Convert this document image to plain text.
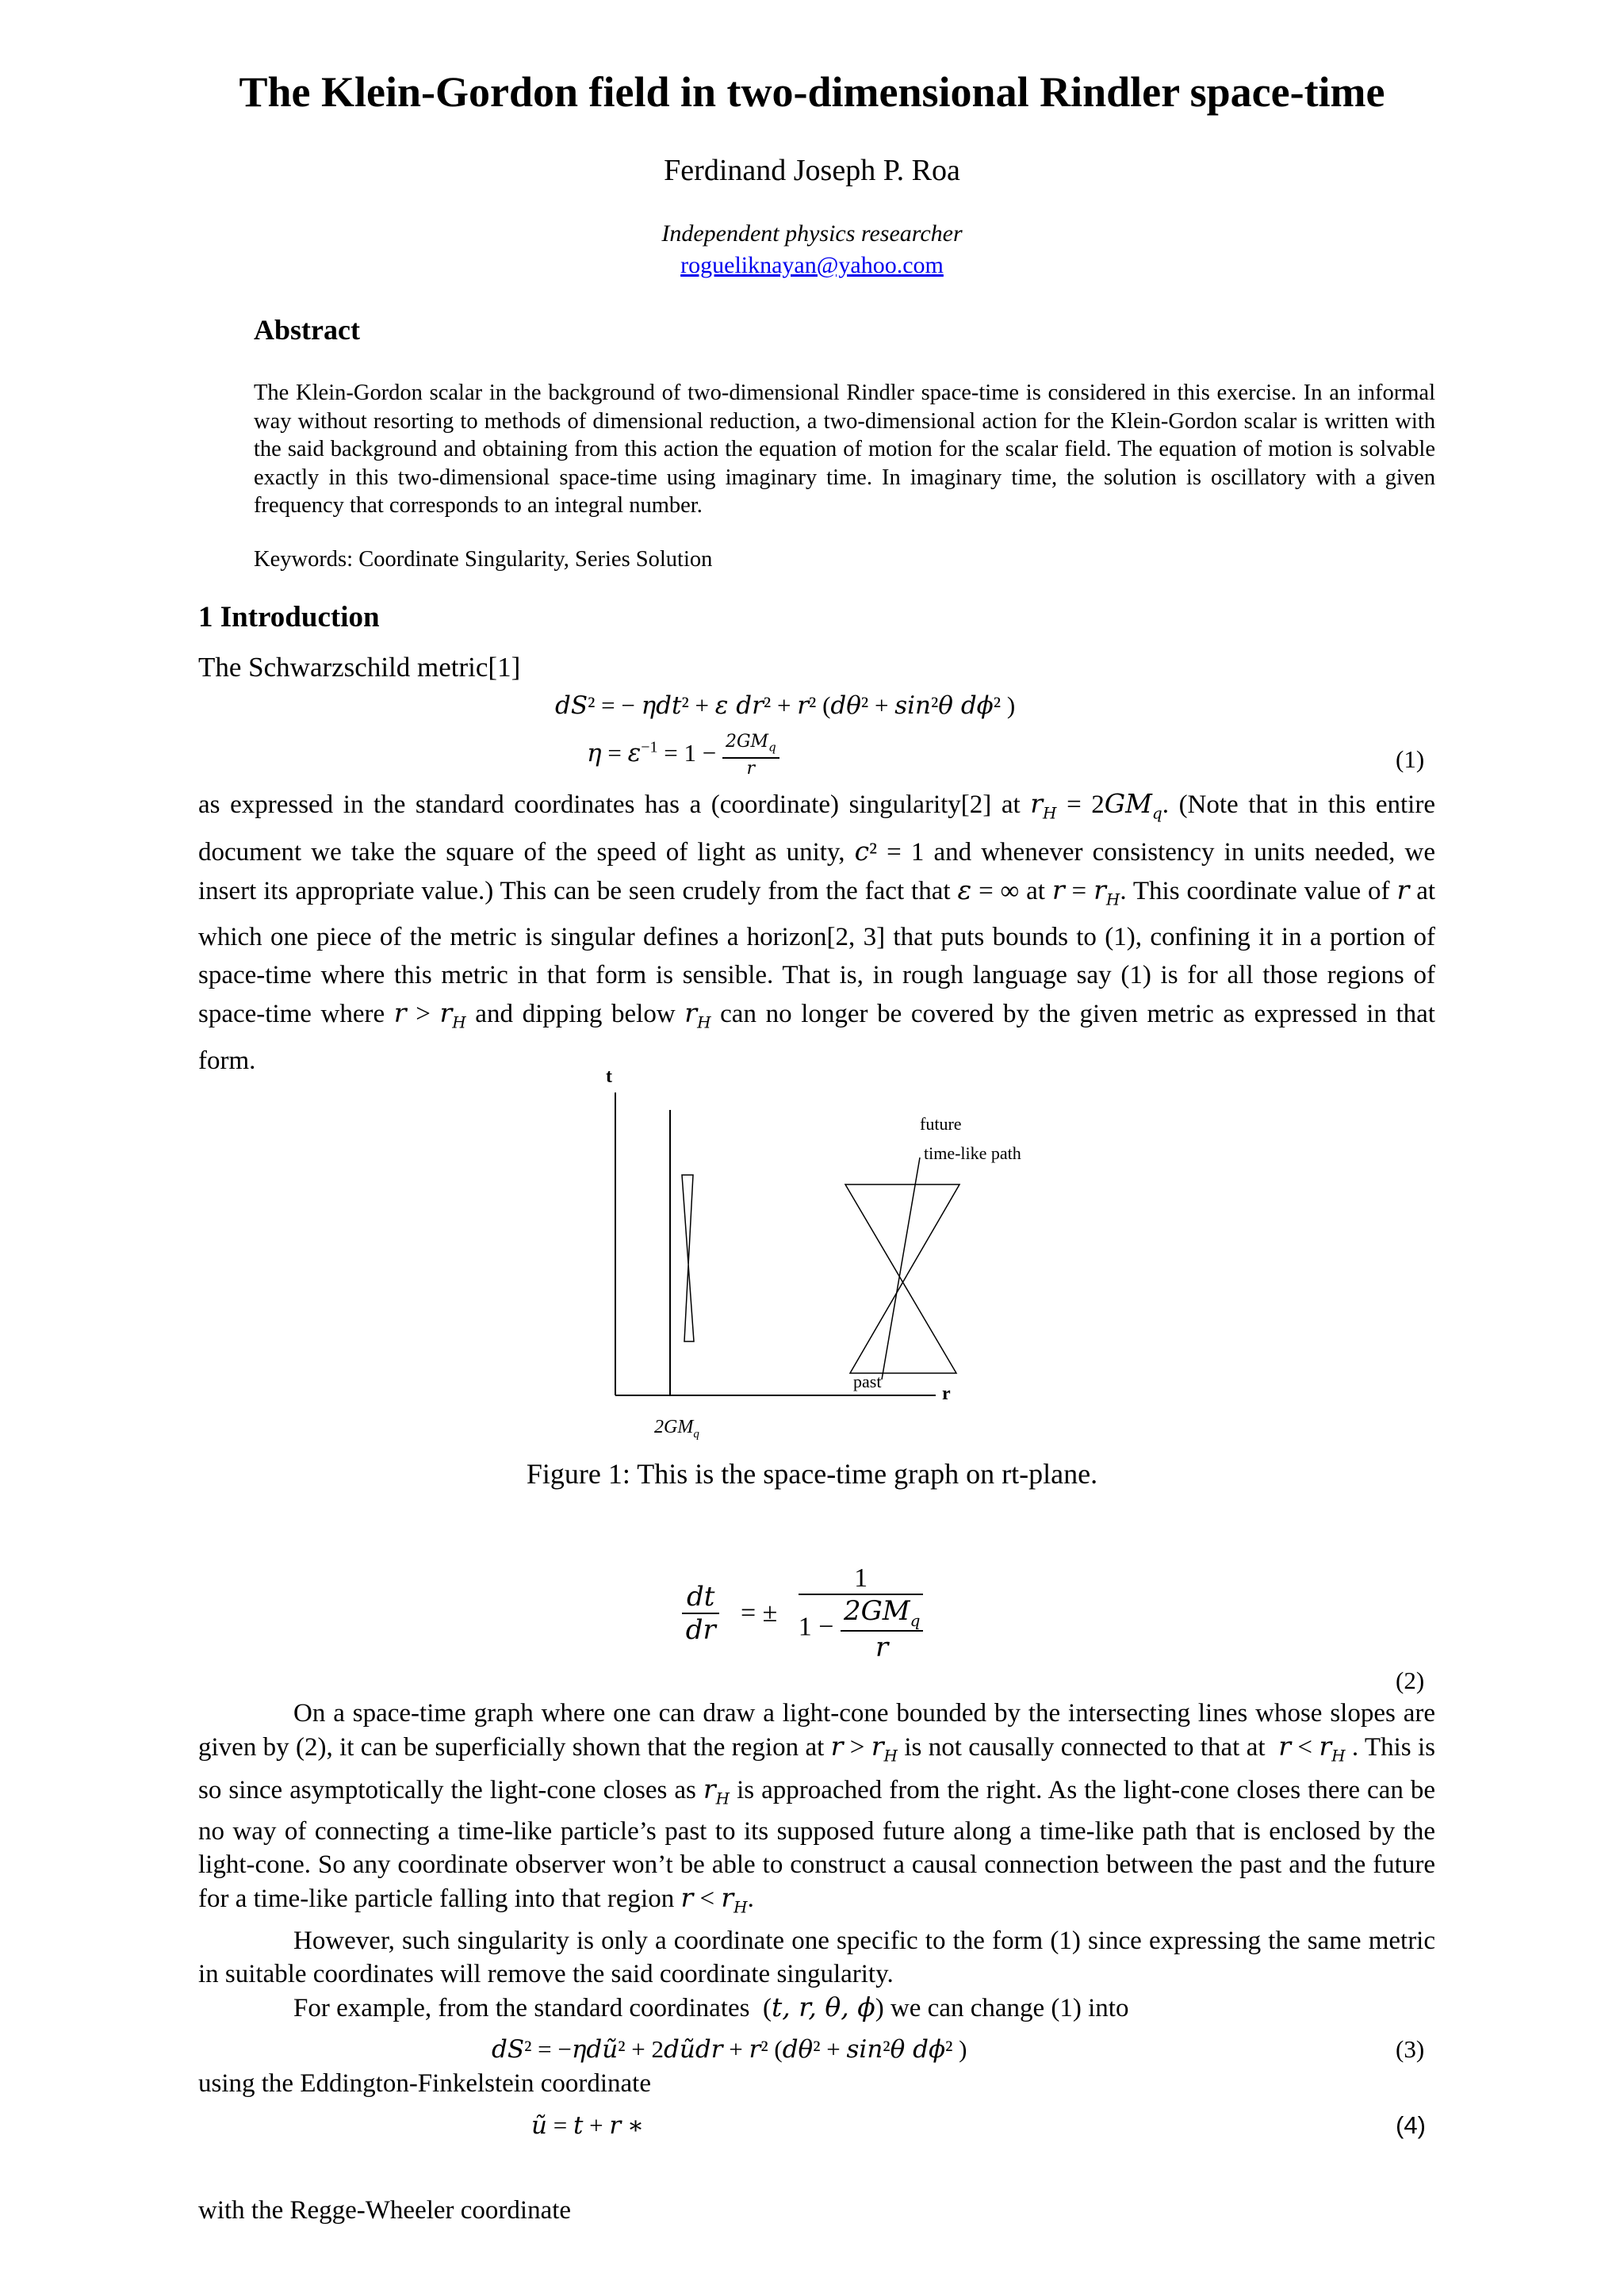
The Klein-Gordon field in two-dimensional Rindler space-time
Ferdinand Joseph P. Roa
Independent physics researcher
rogueliknayan@yahoo.com
Abstract
The Klein-Gordon scalar in the background of two-dimensional Rindler space-time is considered in this exercise. In an informal way without resorting to methods of dimensional reduction, a two-dimensional action for the Klein-Gordon scalar is written with the said background and obtaining from this action the equation of motion for the scalar field. The equation of motion is solvable exactly in this two-dimensional space-time using imaginary time. In imaginary time, the solution is oscillatory with a given frequency that corresponds to an integral number.
Keywords: Coordinate Singularity, Series Solution
1 Introduction
The Schwarzschild metric[1]
dS² = − ηdt² + ε dr² + r² (dθ² + sin²θ dϕ² )
$\eta = \varepsilon^{-1} = 1 - \frac{2GM_q}{r}$	(1)
as expressed in the standard coordinates has a (coordinate) singularity[2] at $r_H = 2GM_q$. (Note that in this entire document we take the square of the speed of light as unity, c² = 1 and whenever consistency in units needed, we insert its appropriate value.) This can be seen crudely from the fact that ε = ∞ at $r = r_H$. This coordinate value of r at which one piece of the metric is singular defines a horizon[2, 3] that puts bounds to (1), confining it in a portion of space-time where this metric in that form is sensible. That is, in rough language say (1) is for all those regions of space-time where $r > r_H$ and dipping below $r_H$ can no longer be covered by the given metric as expressed in that form.
t
r
future
time-like path
past
$2GM_q$
Figure 1: This is the space-time graph on rt-plane.
$\frac{dt}{dr}$ = ±
1
1 −
$2GM_q$
r
(2)
On a space-time graph where one can draw a light-cone bounded by the intersecting lines whose slopes are given by (2), it can be superficially shown that the region at $r > r_H$ is not causally connected to that at  $r < r_H$ . This is so since asymptotically the light-cone closes as $r_H$ is approached from the right. As the light-cone closes there can be no way of connecting a time-like particle’s past to its supposed future along a time-like path that is enclosed by the light-cone. So any coordinate observer won’t be able to construct a causal connection between the past and the future for a time-like particle falling into that region $r < r_H$.
However, such singularity is only a coordinate one specific to the form (1) since expressing the same metric in suitable coordinates will remove the said coordinate singularity.
For example, from the standard coordinates  (t, r, θ, ϕ) we can change (1) into
dS² = −ηdũ² + 2dũdr + r² (dθ² + sin²θ dϕ² )	(3)
using the Eddington-Finkelstein coordinate
ũ = t + r ∗	(4)
with the Regge-Wheeler coordinate
